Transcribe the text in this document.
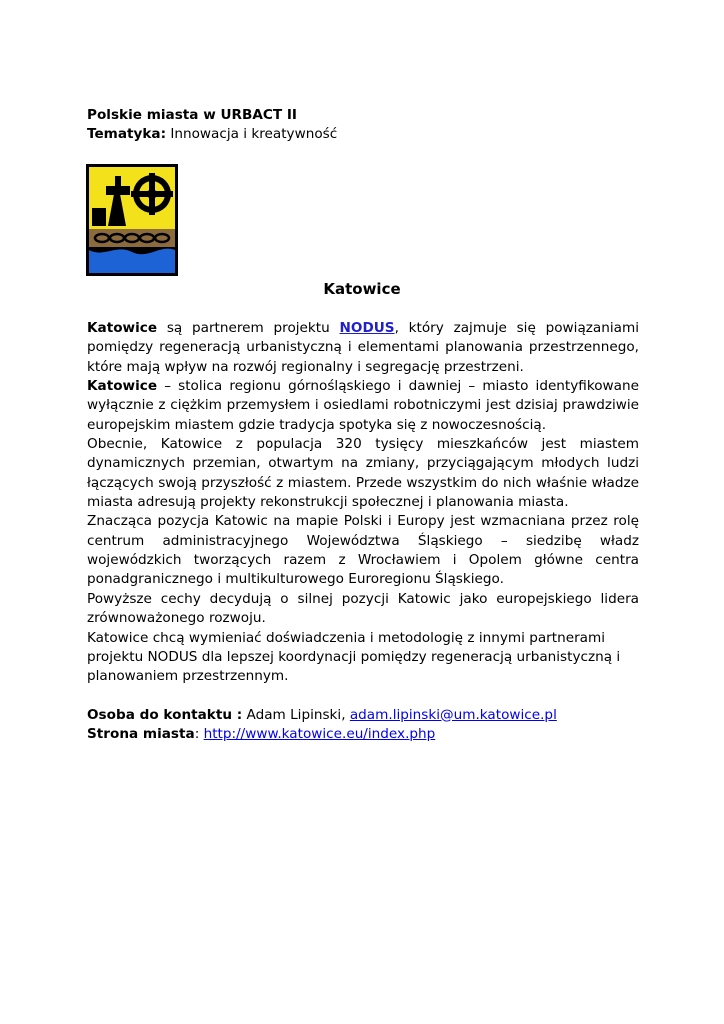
Polskie miasta w URBACT II
Tematyka: Innowacja i kreatywność
Katowice

Katowice są partnerem projektu NODUS, który zajmuje się powiązaniami pomiędzy regeneracją urbanistyczną i elementami planowania przestrzennego, które mają wpływ na rozwój regionalny i segregację przestrzeni.

Katowice – stolica regionu górnośląskiego i dawniej – miasto identyfikowane wyłącznie z ciężkim przemysłem i osiedlami robotniczymi jest dzisiaj prawdziwie europejskim miastem gdzie tradycja spotyka się z nowoczesnością.

Obecnie, Katowice z populacja 320 tysięcy mieszkańców jest miastem dynamicznych przemian, otwartym na zmiany, przyciągającym młodych ludzi łączących swoją przyszłość z miastem. Przede wszystkim do nich właśnie władze miasta adresują projekty rekonstrukcji społecznej i planowania miasta.

Znacząca pozycja Katowic na mapie Polski i Europy jest wzmacniana przez rolę centrum administracyjnego Województwa Śląskiego – siedzibę władz wojewódzkich tworzących razem z Wrocławiem i Opolem główne centra ponadgranicznego i multikulturowego Euroregionu Śląskiego.

Powyższe cechy decydują o silnej pozycji Katowic jako europejskiego lidera zrównoważonego rozwoju.

Katowice chcą wymieniać doświadczenia i metodologię z innymi partnerami projektu NODUS dla lepszej koordynacji pomiędzy regeneracją urbanistyczną i planowaniem przestrzennym.

Osoba do kontaktu : Adam Lipinski, adam.lipinski@um.katowice.pl

Strona miasta: http://www.katowice.eu/index.php
